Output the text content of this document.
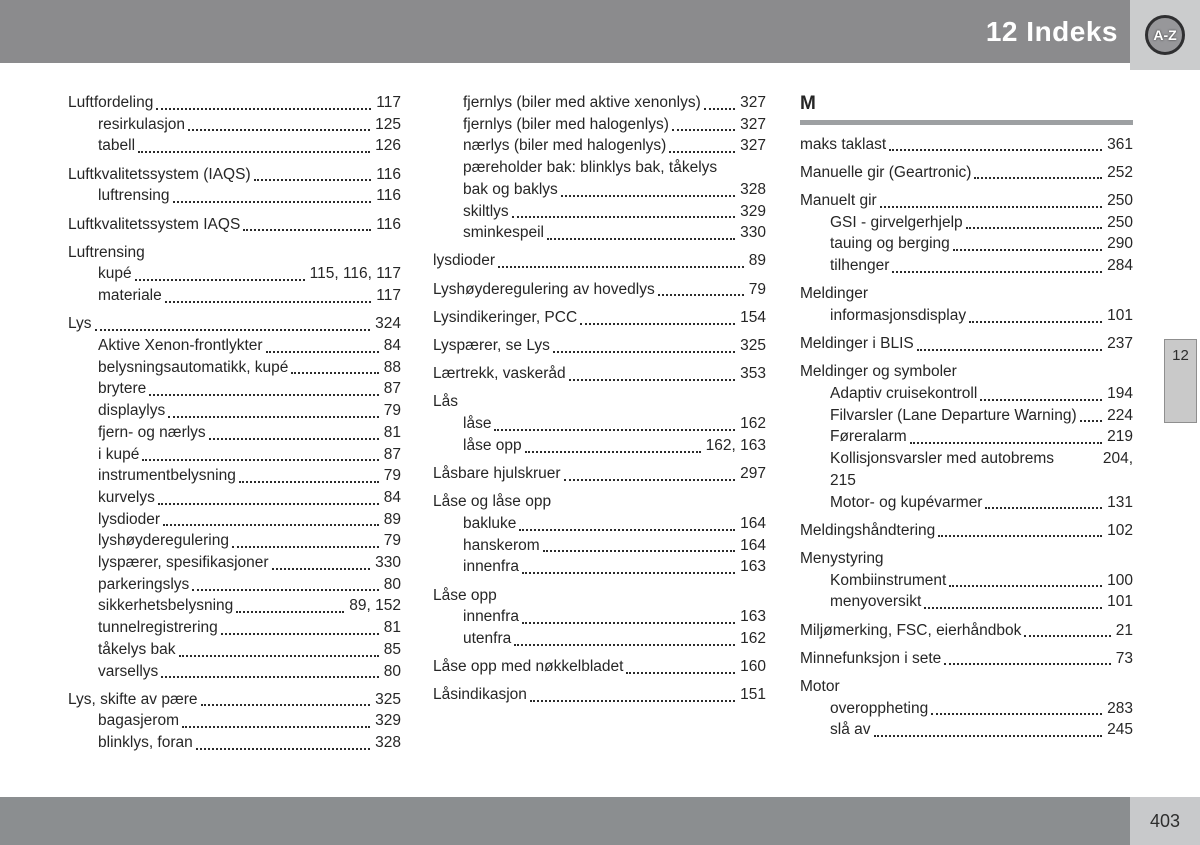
12 Indeks	A-Z
Luftfordeling	117
resirkulasjon	125
tabell	126
Luftkvalitetssystem (IAQS)	116
luftrensing	116
Luftkvalitetssystem IAQS	116
Luftrensing
kupé	115, 116, 117
materiale	117
Lys	324
Aktive Xenon-frontlykter	84
belysningsautomatikk, kupé	88
brytere	87
displaylys	79
fjern- og nærlys	81
i kupé	87
instrumentbelysning	79
kurvelys	84
lysdioder	89
lyshøyderegulering	79
lyspærer, spesifikasjoner	330
parkeringslys	80
sikkerhetsbelysning	89, 152
tunnelregistrering	81
tåkelys bak	85
varsellys	80
Lys, skifte av pære	325
bagasjerom	329
blinklys, foran	328
fjernlys (biler med aktive xenonlys)	327
fjernlys (biler med halogenlys)	327
nærlys (biler med halogenlys)	327
pæreholder bak: blinklys bak, tåkelys
bak og baklys	328
skiltlys	329
sminkespeil	330
lysdioder	89
Lyshøyderegulering av hovedlys	79
Lysindikeringer, PCC	154
Lyspærer, se Lys	325
Lærtrekk, vaskeråd	353
Lås
låse	162
låse opp	162, 163
Låsbare hjulskruer	297
Låse og låse opp
bakluke	164
hanskerom	164
innenfra	163
Låse opp
innenfra	163
utenfra	162
Låse opp med nøkkelbladet	160
Låsindikasjon	151
M
maks taklast	361
Manuelle gir (Geartronic)	252
Manuelt gir	250
GSI - girvelgerhjelp	250
tauing og berging	290
tilhenger	284
Meldinger
informasjonsdisplay	101
Meldinger i BLIS	237
Meldinger og symboler
Adaptiv cruisekontroll	194
Filvarsler (Lane Departure Warning) 224
Føreralarm	219
Kollisjonsvarsler med autobrems	204,
215
Motor- og kupévarmer	131
Meldingshåndtering	102
Menystyring
Kombiinstrument	100
menyoversikt	101
Miljømerking, FSC, eierhåndbok	21
Minnefunksjon i sete	73
Motor
overoppheting	283
slå av	245
12
403
